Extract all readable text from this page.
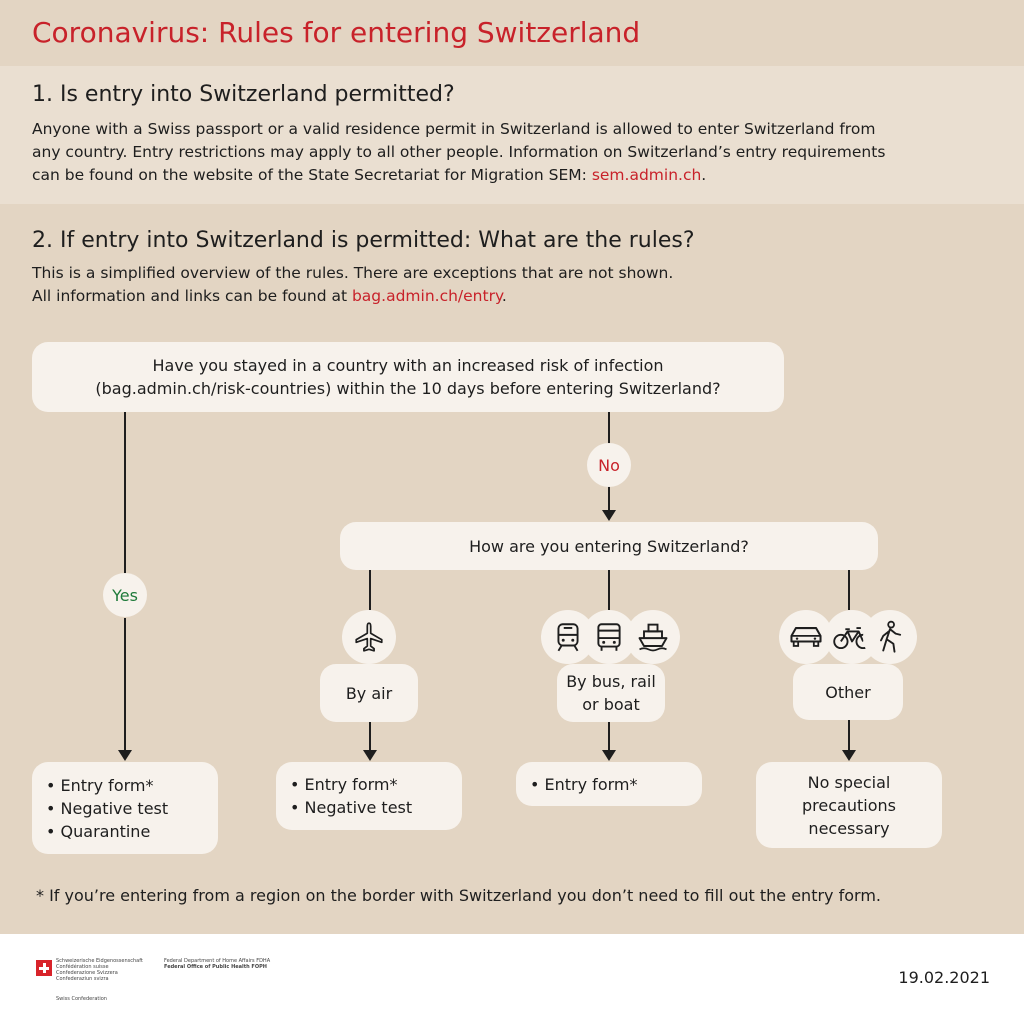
Coronavirus: Rules for entering Switzerland
1. Is entry into Switzerland permitted?
Anyone with a Swiss passport or a valid residence permit in Switzerland is allowed to enter Switzerland from
any country. Entry restrictions may apply to all other people. Information on Switzerland’s entry requirements
can be found on the website of the State Secretariat for Migration SEM: sem.admin.ch.
2. If entry into Switzerland is permitted: What are the rules?
This is a simplified overview of the rules. There are exceptions that are not shown.
All information and links can be found at bag.admin.ch/entry.
Have you stayed in a country with an increased risk of infection
(bag.admin.ch/risk-countries) within the 10 days before entering Switzerland?
No
Yes
How are you entering Switzerland?
By air
By bus, rail
or boat
Other
• Entry form*
• Negative test
• Quarantine
• Entry form*
• Negative test
• Entry form*	No special
precautions
necessary
* If you’re entering from a region on the border with Switzerland you don’t need to fill out the entry form.
Schweizerische Eidgenossenschaft
Confédération suisse
Confederazione Svizzera
Confederaziun svizra
Swiss Confederation
Federal Department of Home Affairs FDHA
Federal Office of Public Health FOPH
19.02.2021
